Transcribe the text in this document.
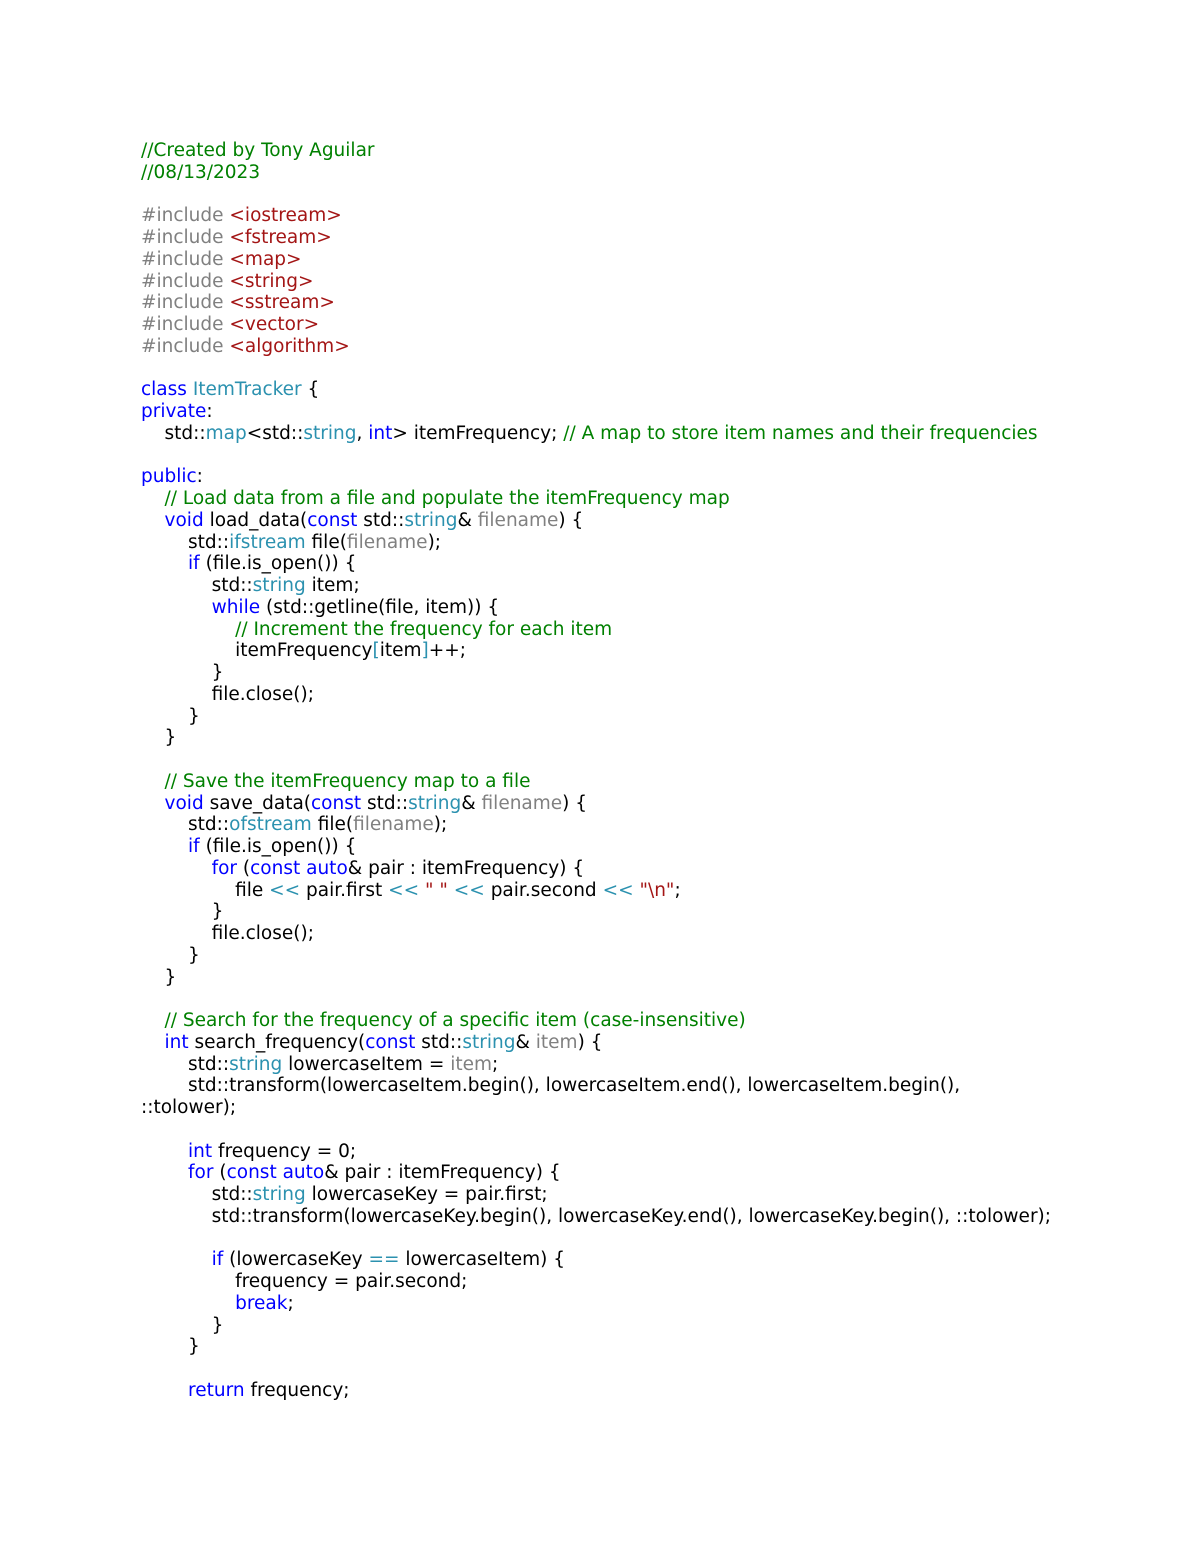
//Created by Tony Aguilar
//08/13/2023

#include <iostream>
#include <fstream>
#include <map>
#include <string>
#include <sstream>
#include <vector>
#include <algorithm>

class ItemTracker {
private:
std::map<std::string, int> itemFrequency; // A map to store item names and their frequencies

public:
// Load data from a file and populate the itemFrequency map
void load_data(const std::string& filename) {
std::ifstream file(filename);
if (file.is_open()) {
std::string item;
while (std::getline(file, item)) {
// Increment the frequency for each item
itemFrequency[item]++;
}
file.close();
}
}

// Save the itemFrequency map to a file
void save_data(const std::string& filename) {
std::ofstream file(filename);
if (file.is_open()) {
for (const auto& pair : itemFrequency) {
file << pair.first << " " << pair.second << "\n";
}
file.close();
}
}

// Search for the frequency of a specific item (case-insensitive)
int search_frequency(const std::string& item) {
std::string lowercaseItem = item;
std::transform(lowercaseItem.begin(), lowercaseItem.end(), lowercaseItem.begin(),
::tolower);

int frequency = 0;
for (const auto& pair : itemFrequency) {
std::string lowercaseKey = pair.first;
std::transform(lowercaseKey.begin(), lowercaseKey.end(), lowercaseKey.begin(), ::tolower);

if (lowercaseKey == lowercaseItem) {
frequency = pair.second;
break;
}
}

return frequency;
